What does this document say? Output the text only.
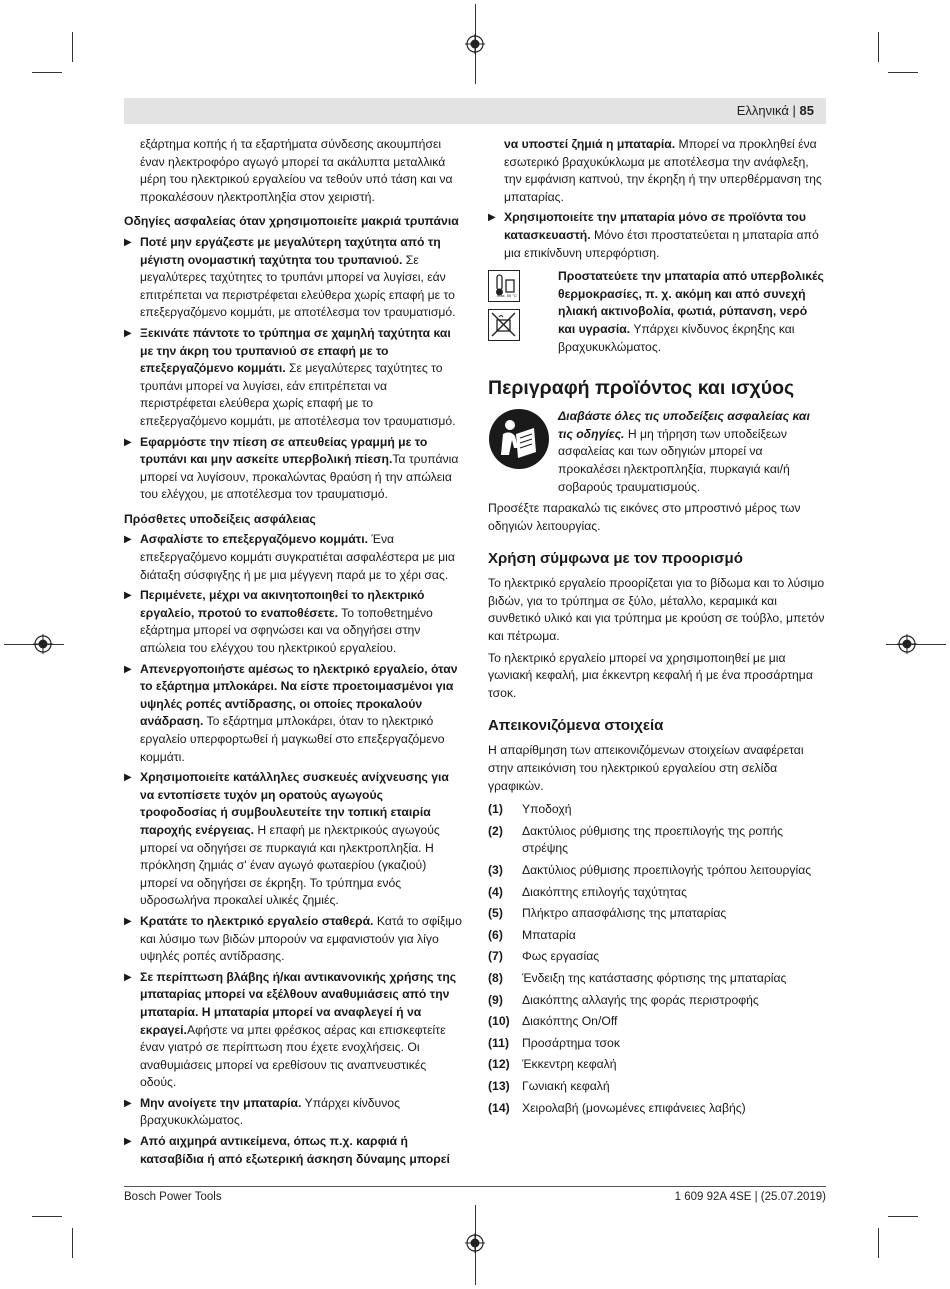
Ελληνικά | 85

εξάρτημα κοπής ή τα εξαρτήματα σύνδεσης ακουμπήσει έναν ηλεκτροφόρο αγωγό μπορεί τα ακάλυπτα μεταλλικά μέρη του ηλεκτρικού εργαλείου να τεθούν υπό τάση και να προκαλέσουν ηλεκτροπληξία στον χειριστή.

Οδηγίες ασφαλείας όταν χρησιμοποιείτε μακριά τρυπάνια

▶ Ποτέ μην εργάζεστε με μεγαλύτερη ταχύτητα από τη μέγιστη ονομαστική ταχύτητα του τρυπανιού. Σε μεγαλύτερες ταχύτητες το τρυπάνι μπορεί να λυγίσει, εάν επιτρέπεται να περιστρέφεται ελεύθερα χωρίς επαφή με το επεξεργαζόμενο κομμάτι, με αποτέλεσμα τον τραυματισμό.

▶ Ξεκινάτε πάντοτε το τρύπημα σε χαμηλή ταχύτητα και με την άκρη του τρυπανιού σε επαφή με το επεξεργαζόμενο κομμάτι. Σε μεγαλύτερες ταχύτητες το τρυπάνι μπορεί να λυγίσει, εάν επιτρέπεται να περιστρέφεται ελεύθερα χωρίς επαφή με το επεξεργαζόμενο κομμάτι, με αποτέλεσμα τον τραυματισμό.

▶ Εφαρμόστε την πίεση σε απευθείας γραμμή με το τρυπάνι και μην ασκείτε υπερβολική πίεση.Τα τρυπάνια μπορεί να λυγίσουν, προκαλώντας θραύση ή την απώλεια του ελέγχου, με αποτέλεσμα τον τραυματισμό.

Πρόσθετες υποδείξεις ασφάλειας

▶ Ασφαλίστε το επεξεργαζόμενο κομμάτι. Ένα επεξεργαζόμενο κομμάτι συγκρατιέται ασφαλέστερα με μια διάταξη σύσφιγξης ή με μια μέγγενη παρά με το χέρι σας.

▶ Περιμένετε, μέχρι να ακινητοποιηθεί το ηλεκτρικό εργαλείο, προτού το εναποθέσετε. Το τοποθετημένο εξάρτημα μπορεί να σφηνώσει και να οδηγήσει στην απώλεια του ελέγχου του ηλεκτρικού εργαλείου.

▶ Απενεργοποιήστε αμέσως το ηλεκτρικό εργαλείο, όταν το εξάρτημα μπλοκάρει. Να είστε προετοιμασμένοι για υψηλές ροπές αντίδρασης, οι οποίες προκαλούν ανάδραση. Το εξάρτημα μπλοκάρει, όταν το ηλεκτρικό εργαλείο υπερφορτωθεί ή μαγκωθεί στο επεξεργαζόμενο κομμάτι.

▶ Χρησιμοποιείτε κατάλληλες συσκευές ανίχνευσης για να εντοπίσετε τυχόν μη ορατούς αγωγούς τροφοδοσίας ή συμβουλευτείτε την τοπική εταιρία παροχής ενέργειας. Η επαφή με ηλεκτρικούς αγωγούς μπορεί να οδηγήσει σε πυρκαγιά και ηλεκτροπληξία. Η πρόκληση ζημιάς σ' έναν αγωγό φωταερίου (γκαζιού) μπορεί να οδηγήσει σε έκρηξη. Το τρύπημα ενός υδροσωλήνα προκαλεί υλικές ζημιές.

▶ Κρατάτε το ηλεκτρικό εργαλείο σταθερά. Κατά το σφίξιμο και λύσιμο των βιδών μπορούν να εμφανιστούν για λίγο υψηλές ροπές αντίδρασης.

▶ Σε περίπτωση βλάβης ή/και αντικανονικής χρήσης της μπαταρίας μπορεί να εξέλθουν αναθυμιάσεις από την μπαταρία. Η μπαταρία μπορεί να αναφλεγεί ή να εκραγεί.Αφήστε να μπει φρέσκος αέρας και επισκεφτείτε έναν γιατρό σε περίπτωση που έχετε ενοχλήσεις. Οι αναθυμιάσεις μπορεί να ερεθίσουν τις αναπνευστικές οδούς.

▶ Μην ανοίγετε την μπαταρία. Υπάρχει κίνδυνος βραχυκυκλώματος.

▶ Από αιχμηρά αντικείμενα, όπως π.χ. καρφιά ή κατσαβίδια ή από εξωτερική άσκηση δύναμης μπορεί

να υποστεί ζημιά η μπαταρία. Μπορεί να προκληθεί ένα εσωτερικό βραχυκύκλωμα με αποτέλεσμα την ανάφλεξη, την εμφάνιση καπνού, την έκρηξη ή την υπερθέρμανση της μπαταρίας.

▶ Χρησιμοποιείτε την μπαταρία μόνο σε προϊόντα του κατασκευαστή. Μόνο έτσι προστατεύεται η μπαταρία από μια επικίνδυνη υπερφόρτιση.

max. 50 °C

Προστατεύετε την μπαταρία από υπερβολικές θερμοκρασίες, π. χ. ακόμη και από συνεχή ηλιακή ακτινοβολία, φωτιά, ρύπανση, νερό και υγρασία. Υπάρχει κίνδυνος έκρηξης και βραχυκυκλώματος.

Περιγραφή προϊόντος και ισχύος

Διαβάστε όλες τις υποδείξεις ασφαλείας και τις οδηγίες. Η μη τήρηση των υποδείξεων ασφαλείας και των οδηγιών μπορεί να προκαλέσει ηλεκτροπληξία, πυρκαγιά και/ή σοβαρούς τραυματισμούς.

Προσέξτε παρακαλώ τις εικόνες στο μπροστινό μέρος των οδηγιών λειτουργίας.

Χρήση σύμφωνα με τον προορισμό

Το ηλεκτρικό εργαλείο προορίζεται για το βίδωμα και το λύσιμο βιδών, για το τρύπημα σε ξύλο, μέταλλο, κεραμικά και συνθετικό υλικό και για τρύπημα με κρούση σε τούβλο, μπετόν και πέτρωμα.

Το ηλεκτρικό εργαλείο μπορεί να χρησιμοποιηθεί με μια γωνιακή κεφαλή, μια έκκεντρη κεφαλή ή με ένα προσάρτημα τσοκ.

Απεικονιζόμενα στοιχεία

Η απαρίθμηση των απεικονιζόμενων στοιχείων αναφέρεται στην απεικόνιση του ηλεκτρικού εργαλείου στη σελίδα γραφικών.

(1)	Υποδοχή
(2)	Δακτύλιος ρύθμισης της προεπιλογής της ροπής στρέψης
(3)	Δακτύλιος ρύθμισης προεπιλογής τρόπου λειτουργίας
(4)	Διακόπτης επιλογής ταχύτητας
(5)	Πλήκτρο απασφάλισης της μπαταρίας
(6)	Μπαταρία
(7)	Φως εργασίας
(8)	Ένδειξη της κατάστασης φόρτισης της μπαταρίας
(9)	Διακόπτης αλλαγής της φοράς περιστροφής
(10)	Διακόπτης On/Off
(11)	Προσάρτημα τσοκ
(12)	Έκκεντρη κεφαλή
(13)	Γωνιακή κεφαλή
(14)	Χειρολαβή (μονωμένες επιφάνειες λαβής)
Bosch Power Tools	1 609 92A 4SE | (25.07.2019)
